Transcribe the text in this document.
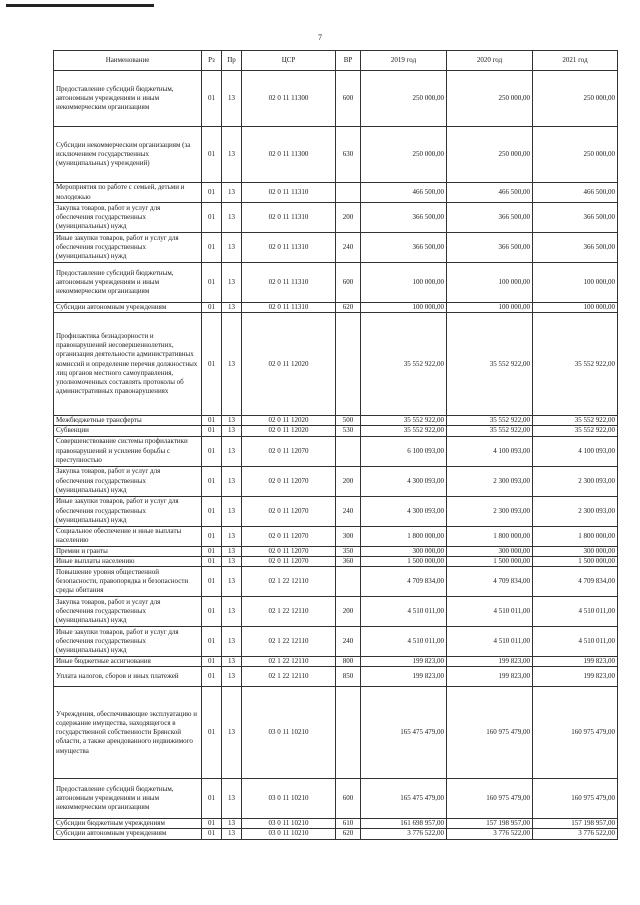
7
Наименование	Рз	Пр	ЦСР	ВР	2019 год	2020 год	2021 год
Предоставление субсидий бюджетным, автономным учреждениям и иным некоммерческим организациям	01	13	02 0 11 11300	600	250 000,00	250 000,00	250 000,00
Субсидии некоммерческим организациям (за исключением государственных (муниципальных) учреждений)	01	13	02 0 11 11300	630	250 000,00	250 000,00	250 000,00
Мероприятия по работе с семьей, детьми и молодежью	01	13	02 0 11 11310		466 500,00	466 500,00	466 500,00
Закупка товаров, работ и услуг для обеспечения государственных (муниципальных) нужд	01	13	02 0 11 11310	200	366 500,00	366 500,00	366 500,00
Иные закупки товаров, работ и услуг для обеспечения государственных (муниципальных) нужд	01	13	02 0 11 11310	240	366 500,00	366 500,00	366 500,00
Предоставление субсидий бюджетным, автономным учреждениям и иным некоммерческим организациям	01	13	02 0 11 11310	600	100 000,00	100 000,00	100 000,00
Субсидии автономным учреждениям	01	13	02 0 11 11310	620	100 000,00	100 000,00	100 000,00
Профилактика безнадзорности и правонарушений несовершеннолетних, организация деятельности административных комиссий и определение перечня должностных лиц органов местного самоуправления, уполномоченных составлять протоколы об административных правонарушениях	01	13	02 0 11 12020		35 552 922,00	35 552 922,00	35 552 922,00
Межбюджетные трансферты	01	13	02 0 11 12020	500	35 552 922,00	35 552 922,00	35 552 922,00
Субвенции	01	13	02 0 11 12020	530	35 552 922,00	35 552 922,00	35 552 922,00
Совершенствование системы профилактики правонарушений и усиление борьбы с преступностью	01	13	02 0 11 12070		6 100 093,00	4 100 093,00	4 100 093,00
Закупка товаров, работ и услуг для обеспечения государственных (муниципальных) нужд	01	13	02 0 11 12070	200	4 300 093,00	2 300 093,00	2 300 093,00
Иные закупки товаров, работ и услуг для обеспечения государственных (муниципальных) нужд	01	13	02 0 11 12070	240	4 300 093,00	2 300 093,00	2 300 093,00
Социальное обеспечение и иные выплаты населению	01	13	02 0 11 12070	300	1 800 000,00	1 800 000,00	1 800 000,00
Премии и гранты	01	13	02 0 11 12070	350	300 000,00	300 000,00	300 000,00
Иные выплаты населению	01	13	02 0 11 12070	360	1 500 000,00	1 500 000,00	1 500 000,00
Повышение уровня общественной безопасности, правопорядка и безопасности среды обитания	01	13	02 1 22 12110		4 709 834,00	4 709 834,00	4 709 834,00
Закупка товаров, работ и услуг для обеспечения государственных (муниципальных) нужд	01	13	02 1 22 12110	200	4 510 011,00	4 510 011,00	4 510 011,00
Иные закупки товаров, работ и услуг для обеспечения государственных (муниципальных) нужд	01	13	02 1 22 12110	240	4 510 011,00	4 510 011,00	4 510 011,00
Иные бюджетные ассигнования	01	13	02 1 22 12110	800	199 823,00	199 823,00	199 823,00
Уплата налогов, сборов и иных платежей	01	13	02 1 22 12110	850	199 823,00	199 823,00	199 823,00
Учреждения, обеспечивающие эксплуатацию и содержание имущества, находящегося в государственной собственности Брянской области, а также арендованного недвижимого имущества	01	13	03 0 11 10210		165 475 479,00	160 975 479,00	160 975 479,00
Предоставление субсидий бюджетным, автономным учреждениям и иным некоммерческим организациям	01	13	03 0 11 10210	600	165 475 479,00	160 975 479,00	160 975 479,00
Субсидии бюджетным учреждениям	01	13	03 0 11 10210	610	161 698 957,00	157 198 957,00	157 198 957,00
Субсидии автономным учреждениям	01	13	03 0 11 10210	620	3 776 522,00	3 776 522,00	3 776 522,00
